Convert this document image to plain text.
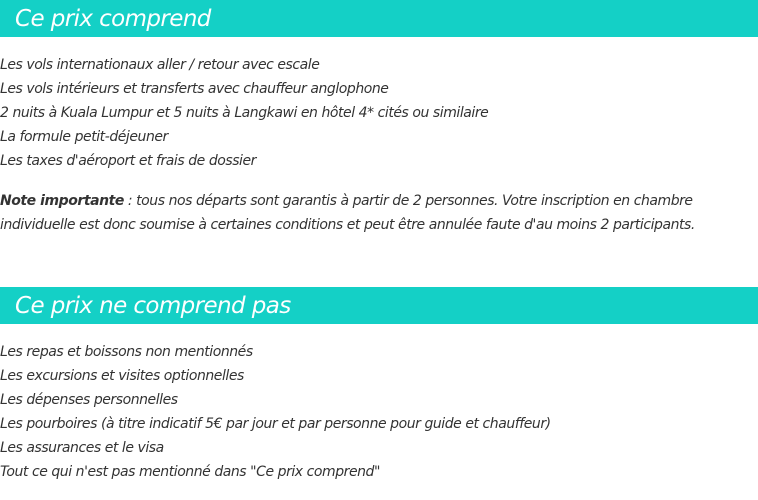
Ce prix comprend
Les vols internationaux aller / retour avec escale
Les vols intérieurs et transferts avec chauffeur anglophone
2 nuits à Kuala Lumpur et 5 nuits à Langkawi en hôtel 4* cités ou similaire
La formule petit-déjeuner
Les taxes d'aéroport et frais de dossier

Note importante : tous nos départs sont garantis à partir de 2 personnes. Votre inscription en chambre individuelle est donc soumise à certaines conditions et peut être annulée faute d'au moins 2 participants.

Ce prix ne comprend pas
Les repas et boissons non mentionnés
Les excursions et visites optionnelles
Les dépenses personnelles
Les pourboires (à titre indicatif 5€ par jour et par personne pour guide et chauffeur)
Les assurances et le visa
Tout ce qui n'est pas mentionné dans "Ce prix comprend"
